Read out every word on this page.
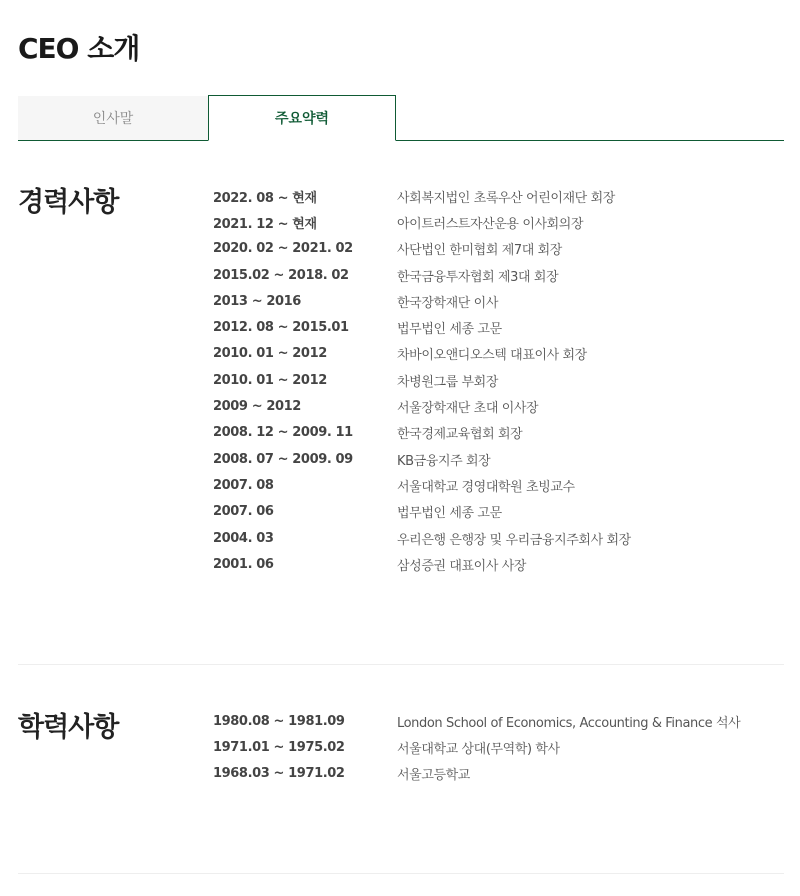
CEO 소개
인사말	주요약력
경력사항	2022. 08 ~ 현재	사회복지법인 초록우산 어린이재단 회장
2021. 12 ~ 현재	아이트러스트자산운용 이사회의장
2020. 02 ~ 2021. 02	사단법인 한미협회 제7대 회장
2015.02 ~ 2018. 02	한국금융투자협회 제3대 회장
2013 ~ 2016	한국장학재단 이사
2012. 08 ~ 2015.01	법무법인 세종 고문
2010. 01 ~ 2012	차바이오앤디오스텍 대표이사 회장
2010. 01 ~ 2012	차병원그룹 부회장
2009 ~ 2012	서울장학재단 초대 이사장
2008. 12 ~ 2009. 11	한국경제교육협회 회장
2008. 07 ~ 2009. 09	KB금융지주 회장
2007. 08	서울대학교 경영대학원 초빙교수
2007. 06	법무법인 세종 고문
2004. 03	우리은행 은행장 및 우리금융지주회사 회장
2001. 06	삼성증권 대표이사 사장
학력사항	1980.08 ~ 1981.09	London School of Economics, Accounting & Finance 석사
1971.01 ~ 1975.02	서울대학교 상대(무역학) 학사
1968.03 ~ 1971.02	서울고등학교
